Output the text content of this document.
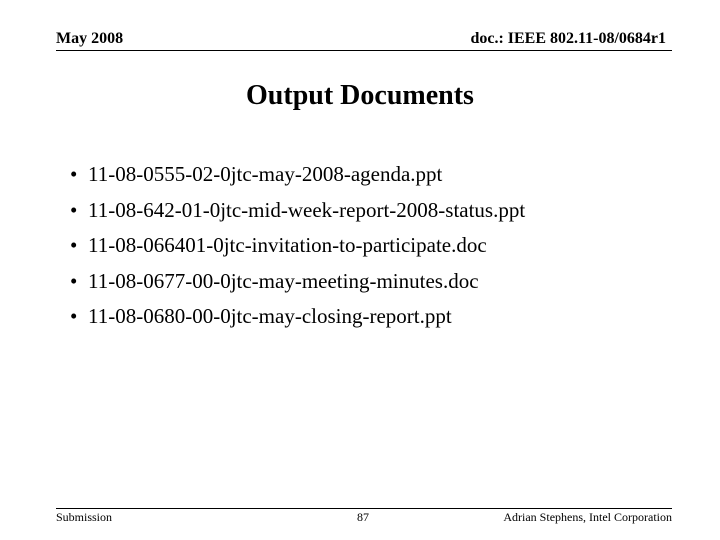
May 2008	doc.: IEEE 802.11-08/0684r1
Output Documents
• 11-08-0555-02-0jtc-may-2008-agenda.ppt
• 11-08-642-01-0jtc-mid-week-report-2008-status.ppt
• 11-08-066401-0jtc-invitation-to-participate.doc
• 11-08-0677-00-0jtc-may-meeting-minutes.doc
• 11-08-0680-00-0jtc-may-closing-report.ppt
Submission	87	Adrian Stephens, Intel Corporation
